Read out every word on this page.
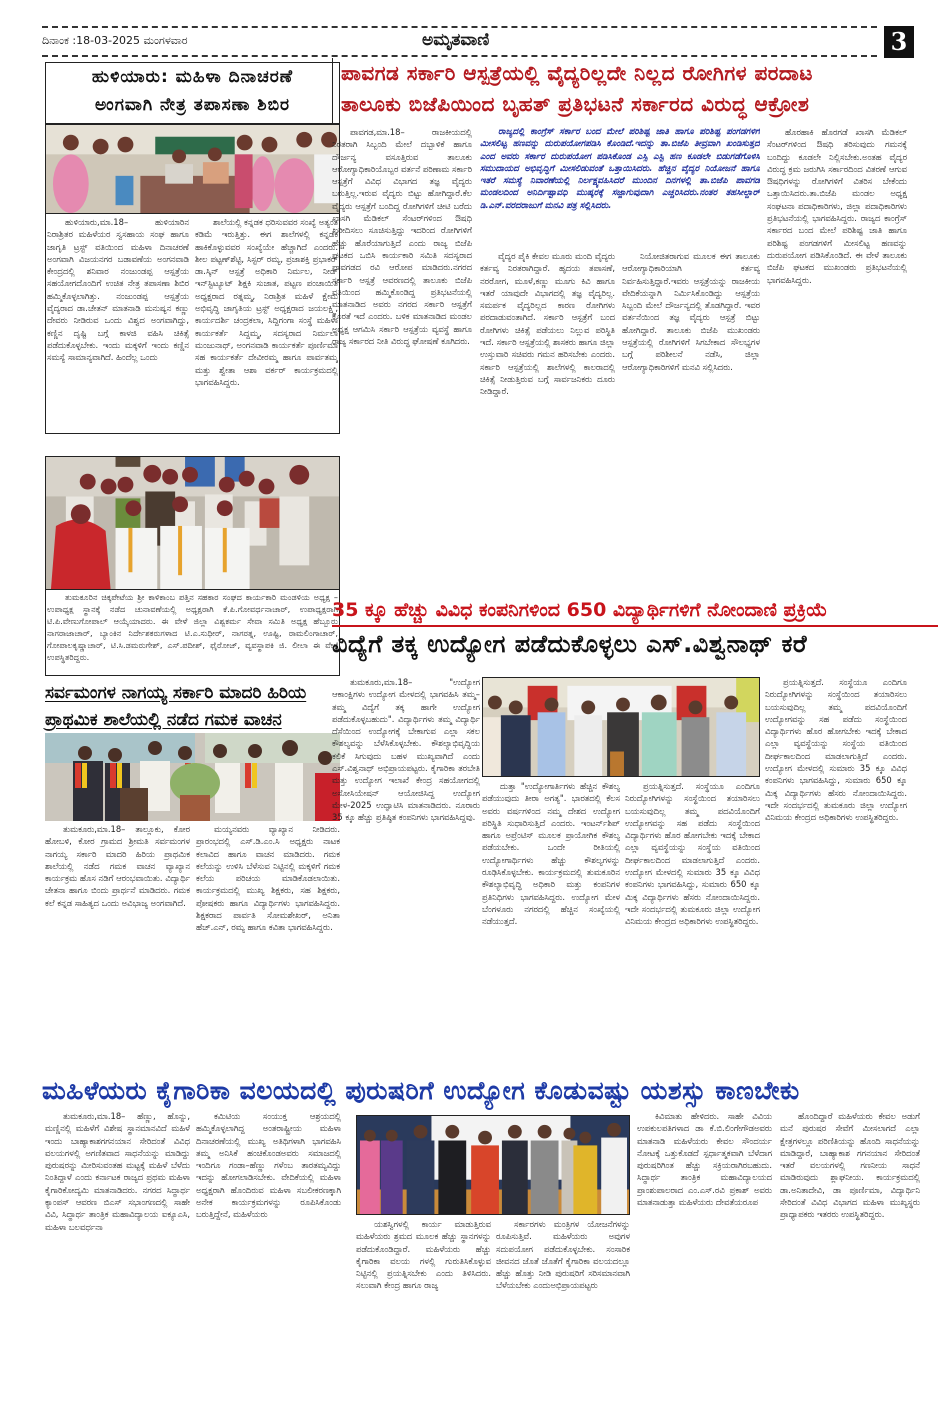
ದಿನಾಂಕ :18-03-2025 ಮಂಗಳವಾರ	ಅಮೃತವಾಣಿ	3
ಹುಳಿಯಾರು: ಮಹಿಳಾ ದಿನಾಚರಣೆ
ಅಂಗವಾಗಿ ನೇತ್ರ ತಪಾಸಣಾ ಶಿಬಿರ

ಹುಳಿಯಾರು,ಮಾ.18– ಹುಳಿಯಾರಿನ ನಿರಾಶ್ರಿತರ ಮಹಿಳೆಯರ ಸ್ವಸಹಾಯ ಸಂಘ ಹಾಗೂ ಜಾಗೃತಿ ಟ್ರಸ್ಟ್ ವತಿಯಿಂದ ಮಹಿಳಾ ದಿನಾಚರಣೆ ಅಂಗವಾಗಿ ವಿಜಯನಗರ ಬಡಾವಣೆಯ ಅಂಗನವಾಡಿ ಕೇಂದ್ರದಲ್ಲಿ ಶನಿವಾರ ನಂಜುಂಡಪ್ಪ ಆಸ್ಪತ್ರೆಯ ಸಹಯೋಗದೊಂದಿಗೆ ಉಚಿತ ನೇತ್ರ ತಪಾಸಣಾ ಶಿಬಿರ ಹಮ್ಮಿಕೊಳ್ಳಲಾಗಿತ್ತು. ನಂಜುಂಡಪ್ಪ ಆಸ್ಪತ್ರೆಯ ವೈದ್ಯರಾದ ಡಾ.ಚೇತನ್ ಮಾತನಾಡಿ ಮನುಷ್ಯನ ಕಣ್ಣು ದೇವರು ನೀಡಿರುವ ಒಂದು ವಿಶ್ವದ ಅಂಗವಾಗಿದ್ದು, ಕಣ್ಣಿನ ದೃಷ್ಟಿ ಬಗ್ಗೆ ಕಾಳಜಿ ವಹಿಸಿ ಚಿಕಿತ್ಸೆ ಪಡೆದುಕೊಳ್ಳಬೇಕು. ಇಂದು ಮಕ್ಕಳಿಗೆ ಇಂದು ಕಣ್ಣಿನ ಸಮಸ್ಯೆ ಸಾಮಾನ್ಯವಾಗಿದೆ. ಹಿಂದೆಲ್ಲ ಒಂದು

ಶಾಲೆಯಲ್ಲಿ ಕನ್ನಡಕ ಧರಿಸುವವರ ಸಂಖ್ಯೆ ಅತ್ಯಂತ ಕಡಿಮೆ ಇರುತ್ತಿತ್ತು. ಈಗ ಶಾಲೆಗಳಲ್ಲಿ ಕನ್ನಡಕ ಹಾಕಿಕೊಳ್ಳುವವರ ಸಂಖ್ಯೆಯೇ ಹೆಚ್ಚಾಗಿದೆ ಎಂದರು. ಶೀಲ ಪಟ್ಟಣ್‌ಶೆಟ್ಟಿ, ಸಿಸ್ಟರ್ ರಮ್ಯ, ಪ್ರಜಾಶಕ್ತಿ ಪ್ರಭಾಕರ್ ಡಾ.ಸ್ಕಿನ್ ಆಸ್ಪತ್ರೆ ಅಧಿಕಾರಿ ನಿರ್ಮಲ, ನೀಡ್ ಇನ್‌ಸ್ಟಿಟ್ಯೂಟ್ ಶಿಕ್ಷಕಿ ಸುಜಾತ, ಪಟ್ಟಣ ಪಂಚಾಯಿತಿ ಅಧ್ಯಕ್ಷರಾದ ರತ್ನಮ್ಮ, ನಿರಾಶ್ರಿತ ಮಹಿಳೆ ಕ್ಷೇಮ ಅಭಿವೃದ್ಧಿ ಜಾಗೃತಿಯ ಟ್ರಸ್ಟ್ ಅಧ್ಯಕ್ಷರಾದ ಜಯಲಕ್ಷ್ಮಿ, ಕಾರ್ಯದರ್ಶಿ ಚಂದ್ರಕಲಾ, ಸಿದ್ದಿಗಂಗಾ ಸಂಸ್ಥೆ ಮಹಿಳಾ ಕಾರ್ಯಕರ್ತೆ ಸಿದ್ದಮ್ಮ, ಸದಸ್ಯರಾದ ನಿರ್ಮಲಾ ಮಂಜುನಾಥ್, ಅಂಗನವಾಡಿ ಕಾರ್ಯಕರ್ತೆ ಪೂರ್ಣಿಮಾ ಸಹ ಕಾರ್ಯಕರ್ತೆ ದೇವೀರಮ್ಮ ಹಾಗೂ ಪಾರ್ವತಮ್ಮ ಮತ್ತು ಶ್ವೇತಾ ಆಶಾ ವರ್ಕರ್ ಕಾರ್ಯಕ್ರಮದಲ್ಲಿ ಭಾಗವಹಿಸಿದ್ದರು.

ತುಮಕೂರಿನ ಚಿಕ್ಕಪೇಟೆಯ ಶ್ರೀ ಕಾಳಿಕಾಂಬ ಪತ್ತಿನ ಸಹಕಾರ ಸಂಘದ ಕಾರ್ಯಕಾರಿ ಮಂಡಳಿಯ ಅಧ್ಯಕ್ಷ –ಉಪಾಧ್ಯಕ್ಷ ಸ್ಥಾನಕ್ಕೆ ನಡೆದ ಚುನಾವಣೆಯಲ್ಲಿ ಅಧ್ಯಕ್ಷರಾಗಿ ಕೆ.ಪಿ.ಗೋವರ್ಧನಾಚಾರ್, ಉಪಾಧ್ಯಕ್ಷರಾಗಿ ಟಿ.ಪಿ.ವೇಣುಗೋಪಾಲ್ ಆಯ್ಕೆಯಾದರು. ಈ ವೇಳೆ ಜಿಲ್ಲಾ ವಿಶ್ವಕರ್ಮ ಸೇವಾ ಸಮಿತಿ ಅಧ್ಯಕ್ಷ ಹೆಬ್ಬೂರು ನಾಗರಾಜಾಚಾರ್, ಬ್ಯಾಂಕಿನ ನಿರ್ದೇಶಕರುಗಳಾದ ಟಿ.ಎ.ಸುಧೀರ್, ನಾಗರತ್ನ, ಊಷ್ಟಿ, ರಾಮಲಿಂಗಾಚಾರ್, ಗೋಪಾಲಕೃಷ್ಣಾಚಾರ್, ಟಿ.ಸಿ.ಡಮರುಗೇಶ್, ಎಸ್.ಪದೀಶ್, ಫೈರೋಜ್, ವ್ಯವಸ್ಥಾಪಕಿ ಜಿ. ಲೀಲಾ ಈ ವೇಳೆ ಉಪಸ್ಥಿತರಿದ್ದರು.

ಸರ್ವಮಂಗಳ ನಾಗಯ್ಯ ಸರ್ಕಾರಿ ಮಾದರಿ ಹಿರಿಯ
ಪ್ರಾಥಮಿಕ ಶಾಲೆಯಲ್ಲಿ ನಡೆದ ಗಮಕ ವಾಚನ

ತುಮಕೂರು,ಮಾ.18– ತಾಲ್ಲೂಕು, ಕೋರ ಹೋಬಳಿ, ಕೋರ ಗ್ರಾಮದ ಶ್ರೀಮತಿ ಸರ್ವಮಂಗಳ ನಾಗಯ್ಯ ಸರ್ಕಾರಿ ಮಾದರಿ ಹಿರಿಯ ಪ್ರಾಥಮಿಕ ಶಾಲೆಯಲ್ಲಿ ನಡೆದ ಗಮಕ ವಾಚನ ವ್ಯಾಖ್ಯಾನ ಕಾರ್ಯಕ್ರಮ ಹೊಸ ನಡಿಗೆ ಆರಂಭವಾಯಿತು. ವಿದ್ಯಾರ್ಥಿ ಚೇತನಾ ಹಾಗೂ ಬಿಂದು ಪ್ರಾರ್ಥನೆ ಮಾಡಿದರು. ಗಮಕ ಕಲೆ ಕನ್ನಡ ಸಾಹಿತ್ಯದ ಒಂದು ಅವಿಭಾಜ್ಯ ಅಂಗವಾಗಿದೆ.

ಮಯ್ಯನವರು ವ್ಯಾಖ್ಯಾನ ನೀಡಿದರು. ಪ್ರಾರಂಭದಲ್ಲಿ ಎಸ್.ಡಿ.ಎಂ.ಸಿ ಅಧ್ಯಕ್ಷರು ನಾಟಕ ಕಲಾವಿದ ಹಾಗೂ ವಾಚನ ಮಾಡಿದರು. ಗಮಕ ಕಲೆಯನ್ನು ಉಳಿಸಿ ಬೆಳೆಸುವ ನಿಟ್ಟಿನಲ್ಲಿ ಮಕ್ಕಳಿಗೆ ಗಮಕ ಕಲೆಯ ಪರಿಚಯ ಮಾಡಿಕೊಡಲಾಯಿತು. ಕಾರ್ಯಕ್ರಮದಲ್ಲಿ ಮುಖ್ಯ ಶಿಕ್ಷಕರು, ಸಹ ಶಿಕ್ಷಕರು, ಪೋಷಕರು ಹಾಗೂ ವಿದ್ಯಾರ್ಥಿಗಳು ಭಾಗವಹಿಸಿದ್ದರು. ಶಿಕ್ಷಕರಾದ ಪಾರ್ವತಿ ಸೋಮಶೇಖರ್, ಅನಿತಾ ಹೆಚ್.ಎನ್, ರಮ್ಯ ಹಾಗೂ ಕವಿತಾ ಭಾಗವಹಿಸಿದ್ದರು.

ಪಾವಗಡ ಸರ್ಕಾರಿ ಆಸ್ಪತ್ರೆಯಲ್ಲಿ ವೈದ್ಯರಿಲ್ಲದೇ ನಿಲ್ಲದ ರೋಗಿಗಳ ಪರದಾಟ
ತಾಲೂಕು ಬಿಜೆಪಿಯಿಂದ ಬೃಹತ್ ಪ್ರತಿಭಟನೆ ಸರ್ಕಾರದ ವಿರುದ್ಧ ಆಕ್ರೋಶ

ಪಾವಗಡ,ಮಾ.18– ರಾಜಕೀಯದಲ್ಲಿ ನಿರತರಾಗಿ ಸಿಬ್ಬಂದಿ ಮೇಲೆ ದಬ್ಬಾಳಿಕೆ ಹಾಗೂ ದೌರ್ಜನ್ಯ ವಸೂತ್ತಿರುವ ತಾಲೂಕು ಆರೋಗ್ಯಾಧಿಕಾರಿಯೊಬ್ಬರ ವರ್ತನೆ ಪರಿಣಾಮ ಸರ್ಕಾರಿ ಆಸ್ಪತ್ರೆಗೆ ವಿವಿಧ ವಿಭಾಗದ ತಜ್ಞ ವೈದ್ಯರು ಬರುತ್ತಿಲ್ಲ.ಇರುವ ವೈದ್ಯರು ಬಿಟ್ಟು ಹೋಗಿದ್ದಾರೆ.ಕೆಲ ವೈದ್ಯರು ಆಸ್ಪತ್ರೆಗೆ ಬಂದಿದ್ದ ರೋಗಿಗಳಿಗೆ ಚೀಟಿ ಬರೆದು ಖಾಸಗಿ ಮೆಡಿಕಲ್ ಸೆಂಟರ್‌ಗಳಿಂದ ಔಷಧಿ ಖರೀದಿಸಲು ಸೂಚಿಸುತ್ತಿದ್ದು ಇದರಿಂದ ರೋಗಿಗಳಿಗೆ ಹೆಚ್ಚು ಹೊರೆಯಾಗುತ್ತಿದೆ ಎಂದು ರಾಜ್ಯ ಬಿಜೆಪಿ ಘಟಕದ ಒಬಿಸಿ ಕಾರ್ಯಕಾರಿ ಸಮಿತಿ ಸದಸ್ಯರಾದ ಪಾವಗಡದ ರವಿ ಆರೋಪ ಮಾಡಿದರು.ನಗರದ ಸರ್ಕಾರಿ ಆಸ್ಪತ್ರೆ ಆವರಣದಲ್ಲಿ ತಾಲೂಕು ಬಿಜೆಪಿ ವತಿಯಿಂದ ಹಮ್ಮಿಕೊಂಡಿದ್ದ ಪ್ರತಿಭಟನೆಯಲ್ಲಿ ಮಾತನಾಡಿದ ಅವರು ನಗರದ ಸರ್ಕಾರಿ ಆಸ್ಪತ್ರೆಗೆ ಕೊರತೆ ಇದೆ ಎಂದರು. ಬಳಿಕ ಮಾತನಾಡಿದ ಮಂಡಲ ಅಧ್ಯಕ್ಷ ಆಗಮಿಸಿ ಸರ್ಕಾರಿ ಆಸ್ಪತ್ರೆಯ ವ್ಯವಸ್ಥೆ ಹಾಗೂ ರಾಜ್ಯ ಸರ್ಕಾರದ ನೀತಿ ವಿರುದ್ಧ ಘೋಷಣೆ ಕೂಗಿದರು.

ರಾಜ್ಯದಲ್ಲಿ ಕಾಂಗ್ರೆಸ್ ಸರ್ಕಾರ ಬಂದ ಮೇಲೆ ಪರಿಶಿಷ್ಟ ಜಾತಿ ಹಾಗೂ ಪರಿಶಿಷ್ಟ ಪಂಗಡಗಳಿಗೆ ಮೀಸಲಿಟ್ಟ ಹಣವನ್ನು ದುರುಪಯೋಗಪಡಿಸಿ ಕೊಂಡಿದೆ.ಇದನ್ನು ತಾ.ಬಿಜೆಪಿ ತೀವ್ರವಾಗಿ ಖಂಡಿಸುತ್ತದೆ ಎಂದ ಅವರು ಸರ್ಕಾರ ದುರುಪಯೋಗ ಪಡಿಸಿಕೊಂಡ ಎಸ್ಸಿ ಎಸ್ಟಿ ಹಣ ಕೂಡಲೇ ಬಿಡುಗಡೆಗೊಳಿಸಿ ಸಮುದಾಯದ ಅಭಿವೃದ್ಧಿಗೆ ಮೀಸಲಿಡುವಂತೆ ಒತ್ತಾಯಿಸಿದರು. ಹೆಚ್ಚಿನ ವೈದ್ಯರ ನಿಯೋಜನೆ ಹಾಗೂ ಇತರೆ ಸಮಸ್ಯೆ ನಿವಾರಣೆಯಲ್ಲಿ ನಿರ್ಲಕ್ಷ್ಯವಹಿಸಿದರೆ ಮುಂದಿನ ದಿನಗಳಲ್ಲಿ ತಾ.ಬಿಜೆಪಿ ಪಾವಗಡ ಮಂಡಲದಿಂದ ಅನಿರ್ದಿಷ್ಟಾವಧಿ ಮುಷ್ಕರಕ್ಕೆ ಸಜ್ಜಾಗುವುದಾಗಿ ಎಚ್ಚರಿಸಿದರು.ನಂತರ ತಹಸೀಲ್ದಾರ್ ಡಿ.ಎನ್.ವರದರಾಜುಗೆ ಮನವಿ ಪತ್ರ ಸಲ್ಲಿಸಿದರು.

ವೈದ್ಯರ ಪೈಕಿ ಕೇವಲ ಮೂರು ಮಂದಿ ವೈದ್ಯರು ಕರ್ತವ್ಯ ನಿರತರಾಗಿದ್ದಾರೆ. ಹೃದಯ ತಪಾಸಣೆ, ನರರೋಗ, ಮೂಳೆ,ಕಣ್ಣು ಮೂಗು ಕಿವಿ ಹಾಗೂ ಇತರೆ ಯಾವುದೇ ವಿಭಾಗದಲ್ಲಿ ತಜ್ಞ ವೈದ್ಯರಿಲ್ಲ. ಸಮರ್ಪಕ ವೈದ್ಯರಿಲ್ಲದ ಕಾರಣ ರೋಗಿಗಳು ಪರದಾಡುವಂತಾಗಿದೆ. ಸರ್ಕಾರಿ ಆಸ್ಪತ್ರೆಗೆ ಬಂದ ರೋಗಿಗಳು ಚಿಕಿತ್ಸೆ ಪಡೆಯಲು ನಿಲ್ಲುವ ಪರಿಸ್ಥಿತಿ ಇದೆ. ಸರ್ಕಾರಿ ಆಸ್ಪತ್ರೆಯಲ್ಲಿ ಶಾಸಕರು ಹಾಗೂ ಜಿಲ್ಲಾ ಉಸ್ತುವಾರಿ ಸಚಿವರು ಗಮನ ಹರಿಸಬೇಕು ಎಂದರು. ಸರ್ಕಾರಿ ಆಸ್ಪತ್ರೆಯಲ್ಲಿ ಶಾಲೆಗಳಲ್ಲಿ ಕಾಲರಾದಲ್ಲಿ ಚಿಕಿತ್ಸೆ ನೀಡುತ್ತಿರುವ ಬಗ್ಗೆ ಸಾರ್ವಜನಿಕರು ದೂರು ನೀಡಿದ್ದಾರೆ.

ನಿಯೋಜಿತರಾಗುವ ಮೂಲಕ ಈಗ ತಾಲೂಕು ಆರೋಗ್ಯಾಧಿಕಾರಿಯಾಗಿ ಕರ್ತವ್ಯ ನಿರ್ವಹಿಸುತ್ತಿದ್ದಾರೆ.ಇವರು ಆಸ್ಪತ್ರೆಯನ್ನು ರಾಜಕೀಯ ವೇದಿಕೆಯನ್ನಾಗಿ ನಿರ್ಮಿಸಿಕೊಂಡಿದ್ದು ಆಸ್ಪತ್ರೆಯ ಸಿಬ್ಬಂದಿ ಮೇಲೆ ದೌರ್ಜನ್ಯದಲ್ಲಿ ತೊಡಗಿದ್ದಾರೆ. ಇವರ ವರ್ತನೆಯಿಂದ ತಜ್ಞ ವೈದ್ಯರು ಆಸ್ಪತ್ರೆ ಬಿಟ್ಟು ಹೋಗಿದ್ದಾರೆ. ತಾಲೂಕು ಬಿಜೆಪಿ ಮುಖಂಡರು ಆಸ್ಪತ್ರೆಯಲ್ಲಿ ರೋಗಿಗಳಿಗೆ ಸಿಗಬೇಕಾದ ಸೌಲಭ್ಯಗಳ ಬಗ್ಗೆ ಪರಿಶೀಲನೆ ನಡೆಸಿ, ಜಿಲ್ಲಾ ಆರೋಗ್ಯಾಧಿಕಾರಿಗಳಿಗೆ ಮನವಿ ಸಲ್ಲಿಸಿದರು.

ಹೊರಹಾಕಿ ಹೊರಗಡೆ ಖಾಸಗಿ ಮೆಡಿಕಲ್ ಸೆಂಟರ್‌ಗಳಿಂದ ಔಷಧಿ ತರಿಸುವುದು ಗಮನಕ್ಕೆ ಬಂದಿದ್ದು ಕೂಡಲೇ ನಿಲ್ಲಿಸಬೇಕು.ಅಂತಹ ವೈದ್ಯರ ವಿರುದ್ಧ ಕ್ರಮ ಜರುಗಿಸಿ ಸರ್ಕಾರದಿಂದ ವಿತರಣೆ ಆಗುವ ಔಷಧಿಗಳನ್ನು ರೋಗಿಗಳಿಗೆ ವಿತರಿಸ ಬೇಕೆಂದು ಒತ್ತಾಯಿಸಿದರು.ತಾ.ಬಿಜೆಪಿ ಮಂಡಲ ಅಧ್ಯಕ್ಷ ಸಂಘಟನಾ ಪದಾಧಿಕಾರಿಗಳು, ಜಿಲ್ಲಾ ಪದಾಧಿಕಾರಿಗಳು ಪ್ರತಿಭಟನೆಯಲ್ಲಿ ಭಾಗವಹಿಸಿದ್ದರು. ರಾಜ್ಯದ ಕಾಂಗ್ರೆಸ್ ಸರ್ಕಾರದ ಬಂದ ಮೇಲೆ ಪರಿಶಿಷ್ಟ ಜಾತಿ ಹಾಗೂ ಪರಿಶಿಷ್ಟ ಪಂಗಡಗಳಿಗೆ ಮೀಸಲಿಟ್ಟ ಹಣವನ್ನು ದುರುಪಯೋಗ ಪಡಿಸಿಕೊಂಡಿದೆ. ಈ ವೇಳೆ ತಾಲೂಕು ಬಿಜೆಪಿ ಘಟಕದ ಮುಖಂಡರು ಪ್ರತಿಭಟನೆಯಲ್ಲಿ ಭಾಗವಹಿಸಿದ್ದರು.

35 ಕ್ಕೂ ಹೆಚ್ಚು ವಿವಿಧ ಕಂಪನಿಗಳಿಂದ 650 ವಿದ್ಯಾರ್ಥಿಗಳಿಗೆ ನೋಂದಾಣಿ ಪ್ರಕ್ರಿಯೆ
ವಿದ್ಯೆಗೆ ತಕ್ಕ ಉದ್ಯೋಗ ಪಡೆದುಕೊಳ್ಳಲು ಎಸ್.ವಿಶ್ವನಾಥ್ ಕರೆ

ತುಮಕೂರು,ಮಾ.18– "ಉದ್ಯೋಗ ಆಕಾಂಕ್ಷಿಗಳು ಉದ್ಯೋಗ ಮೇಳದಲ್ಲಿ ಭಾಗವಹಿಸಿ ತಮ್ಮ–ತಮ್ಮ ವಿದ್ಯೆಗೆ ತಕ್ಕ ಹಾಗೇ ಉದ್ಯೋಗ ಪಡೆದುಕೊಳ್ಳಬಹುದು". ವಿದ್ಯಾರ್ಥಿಗಳು ತಮ್ಮ ವಿದ್ಯಾರ್ಥಿ ದೆಸೆಯಿಂದ ಉದ್ಯೋಗಕ್ಕೆ ಬೇಕಾಗುವ ಎಲ್ಲಾ ಸಕಲ ಕೌಶಲ್ಯವನ್ನು ಬೆಳೆಸಿಕೊಳ್ಳಬೇಕು. ಕೌಶಲ್ಯಾಭಿವೃದ್ಧಿಯ ಕಲಿಕೆ ಸಿಗುವುದು ಬಹಳ ಮುಖ್ಯವಾಗಿದೆ ಎಂದು ಎಸ್.ವಿಶ್ವನಾಥ್ ಅಭಿಪ್ರಾಯಪಟ್ಟರು. ಕೈಗಾರಿಕಾ ತರಬೇತಿ ಮತ್ತು ಉದ್ಯೋಗ ಇಲಾಖೆ ಕೇಂದ್ರ ಸಹಯೋಗದಲ್ಲಿ ಅಸೋಸಿಯೇಷನ್ ಆಯೋಜಿಸಿದ್ದ ಉದ್ಯೋಗ ಮೇಳ-2025 ಉದ್ಘಾಟಿಸಿ ಮಾತನಾಡಿದರು. ನೂರಾರು 35 ಕ್ಕೂ ಹೆಚ್ಚು ಪ್ರತಿಷ್ಠಿತ ಕಂಪನಿಗಳು ಭಾಗವಹಿಸಿದ್ದವು.

ದುತ್ತಾ "ಉದ್ಯೋಗಾರ್ತಿಗಳು ಹೆಚ್ಚಿನ ಕೌಶಲ್ಯ ಪಡೆಯುವುದು ತೀರಾ ಅಗತ್ಯ". ಭಾರತದಲ್ಲಿ ಕೆಲಸ ಅವರು ವರ್ಷಗಳಿಂದ ನಮ್ಮ ದೇಶದ ಉದ್ಯೋಗ ಪರಿಸ್ಥಿತಿ ಸುಧಾರಿಸುತ್ತಿದೆ ಎಂದರು. ಇಂಟರ್ನ್‌ಶಿಪ್ ಹಾಗೂ ಅಪ್ರೆಂಟಿಸ್ ಮೂಲಕ ಪ್ರಾಯೋಗಿಕ ಕೌಶಲ್ಯ ಪಡೆಯಬೇಕು. ಒಂದೇ ರೀತಿಯಲ್ಲಿ ಉದ್ಯೋಗಾರ್ಥಿಗಳು ಹೆಚ್ಚು ಕೌಶಲ್ಯಗಳನ್ನು ರೂಢಿಸಿಕೊಳ್ಳಬೇಕು. ಕಾರ್ಯಕ್ರಮದಲ್ಲಿ ತುಮಕೂರಿನ ಕೌಶಲ್ಯಾಭಿವೃದ್ಧಿ ಅಧಿಕಾರಿ ಮತ್ತು ಕಂಪನಿಗಳ ಪ್ರತಿನಿಧಿಗಳು ಭಾಗವಹಿಸಿದ್ದರು. ಉದ್ಯೋಗ ಮೇಳ ಬೆಂಗಳೂರು ನಗರದಲ್ಲಿ ಹೆಚ್ಚಿನ ಸಂಖ್ಯೆಯಲ್ಲಿ ನಡೆಯುತ್ತದೆ.

ಪ್ರಯತ್ನಿಸುತ್ತದೆ. ಸಂಸ್ಥೆಯೂ ಎಂದಿಗೂ ನಿರುದ್ಯೋಗಿಗಳನ್ನು ಸಂಸ್ಥೆಯಿಂದ ತಯಾರಿಸಲು ಬಯಸುವುದಿಲ್ಲ ತಮ್ಮ ಪದವಿಯೊಂದಿಗೆ ಉದ್ಯೋಗವನ್ನು ಸಹ ಪಡೆದು ಸಂಸ್ಥೆಯಿಂದ ವಿದ್ಯಾರ್ಥಿಗಳು ಹೊರ ಹೋಗಬೇಕು ಇದಕ್ಕೆ ಬೇಕಾದ ಎಲ್ಲಾ ವ್ಯವಸ್ಥೆಯನ್ನು ಸಂಸ್ಥೆಯ ವತಿಯಿಂದ ದೀರ್ಘಕಾಲದಿಂದ ಮಾಡಲಾಗುತ್ತಿದೆ ಎಂದರು. ಉದ್ಯೋಗ ಮೇಳದಲ್ಲಿ ಸುಮಾರು 35 ಕ್ಕೂ ವಿವಿಧ ಕಂಪನಿಗಳು ಭಾಗವಹಿಸಿದ್ದು, ಸುಮಾರು 650 ಕ್ಕೂ ಮಿಕ್ಕ ವಿದ್ಯಾರ್ಥಿಗಳು ಹೆಸರು ನೋಂದಾಯಿಸಿದ್ದರು. ಇದೇ ಸಂದರ್ಭದಲ್ಲಿ ತುಮಕೂರು ಜಿಲ್ಲಾ ಉದ್ಯೋಗ ವಿನಿಮಯ ಕೇಂದ್ರದ ಅಧಿಕಾರಿಗಳು ಉಪಸ್ಥಿತರಿದ್ದರು.

ಪ್ರಯತ್ನಿಸುತ್ತದೆ. ಸಂಸ್ಥೆಯೂ ಎಂದಿಗೂ ನಿರುದ್ಯೋಗಿಗಳನ್ನು ಸಂಸ್ಥೆಯಿಂದ ತಯಾರಿಸಲು ಬಯಸುವುದಿಲ್ಲ ತಮ್ಮ ಪದವಿಯೊಂದಿಗೆ ಉದ್ಯೋಗವನ್ನು ಸಹ ಪಡೆದು ಸಂಸ್ಥೆಯಿಂದ ವಿದ್ಯಾರ್ಥಿಗಳು ಹೊರ ಹೋಗಬೇಕು ಇದಕ್ಕೆ ಬೇಕಾದ ಎಲ್ಲಾ ವ್ಯವಸ್ಥೆಯನ್ನು ಸಂಸ್ಥೆಯ ವತಿಯಿಂದ ದೀರ್ಘಕಾಲದಿಂದ ಮಾಡಲಾಗುತ್ತಿದೆ ಎಂದರು. ಉದ್ಯೋಗ ಮೇಳದಲ್ಲಿ ಸುಮಾರು 35 ಕ್ಕೂ ವಿವಿಧ ಕಂಪನಿಗಳು ಭಾಗವಹಿಸಿದ್ದು, ಸುಮಾರು 650 ಕ್ಕೂ ಮಿಕ್ಕ ವಿದ್ಯಾರ್ಥಿಗಳು ಹೆಸರು ನೋಂದಾಯಿಸಿದ್ದರು. ಇದೇ ಸಂದರ್ಭದಲ್ಲಿ ತುಮಕೂರು ಜಿಲ್ಲಾ ಉದ್ಯೋಗ ವಿನಿಮಯ ಕೇಂದ್ರದ ಅಧಿಕಾರಿಗಳು ಉಪಸ್ಥಿತರಿದ್ದರು.

ಮಹಿಳೆಯರು ಕೈಗಾರಿಕಾ ವಲಯದಲ್ಲಿ ಪುರುಷರಿಗೆ ಉದ್ಯೋಗ ಕೊಡುವಷ್ಟು ಯಶಸ್ಸು ಕಾಣಬೇಕು

ತುಮಕೂರು,ಮಾ.18– ಹೆಣ್ಣು, ಹೊನ್ನು, ಮಣ್ಣಿನಲ್ಲಿ ಮಹಿಳೆಗೆ ವಿಶೇಷ ಸ್ಥಾನಮಾನವಿದೆ ಮಹಿಳೆ ಇಂದು ಬಾಹ್ಯಾಕಾಶಗಗನಯಾನ ಸೇರಿದಂತೆ ವಿವಿಧ ವಲಯಗಳಲ್ಲಿ ಅಗಣಿತವಾದ ಸಾಧನೆಯನ್ನು ಮಾಡಿದ್ದು ಪುರುಷರನ್ನು ಮೀರಿಸುವಂತಹ ಮಟ್ಟಕ್ಕೆ ಮಹಿಳೆ ಬೆಳೆದು ನಿಂತಿದ್ದಾಳೆ ಎಂದು ಕರ್ನಾಟಕ ರಾಜ್ಯದ ಪ್ರಥಮ ಮಹಿಳಾ ಕೈಗಾರಿಕೋದ್ಯಮಿ ಮಾತನಾಡಿದರು. ನಗರದ ಸಿದ್ಧಾರ್ಥ ಕ್ಯಾಂಪಸ್ ಆವರಣ ಬಿಎಸ್ ಸಭಾಂಗಣದಲ್ಲಿ ಸಾಹೇ ವಿವಿ, ಸಿದ್ಧಾರ್ಥ ತಾಂತ್ರಿಕ ಮಹಾವಿದ್ಯಾಲಯ ಐಕ್ಯೂಎಸಿ, ಮಹಿಳಾ ಬಲವರ್ಧನಾ

ಕಮಿಟಿಯ ಸಂಯುಕ್ತ ಆಶ್ರಯದಲ್ಲಿ ಹಮ್ಮಿಕೊಳ್ಳಲಾಗಿದ್ದ ಅಂತರಾಷ್ಟ್ರೀಯ ಮಹಿಳಾ ದಿನಾಚರಣೆಯಲ್ಲಿ ಮುಖ್ಯ ಅತಿಥಿಗಳಾಗಿ ಭಾಗವಹಿಸಿ ತಮ್ಮ ಅನಿಸಿಕೆ ಹಂಚಿಕೊಂಡಅವರು ಸಮಾಜದಲ್ಲಿ ಇಂದಿಗೂ ಗಂಡಾ–ಹೆಣ್ಣು ಗಳೆಂಬ ತಾರತಮ್ಯವಿದ್ದು ಇದನ್ನು ಹೋಗಲಾಡಿಸಬೇಕು. ವೇದಿಕೆಯಲ್ಲಿ ಮಹಿಳಾ ಅಧ್ಯಕ್ಷರಾಗಿ ಹೊಂದಿರುವ ಮಹಿಳಾ ಸಬಲೀಕರಣಕ್ಕಾಗಿ ಅನೇಕ ಕಾರ್ಯಕ್ರಮಗಳನ್ನು ರೂಪಿಸಿಕೊಂಡು ಬರುತ್ತಿದ್ದೇನೆ, ಮಹಿಳೆಯರು

ಯಶಸ್ವಿಗಳಲ್ಲಿ ಕಾರ್ಯ ಮಾಡುತ್ತಿರುವ ಮಹಿಳೆಯರು ಶ್ರಮದ ಮೂಲಕ ಹೆಚ್ಚು ಸ್ಥಾನಗಳನ್ನು ಪಡೆದುಕೊಂಡಿದ್ದಾರೆ. ಮಹಿಳೆಯರು ಹೆಚ್ಚು ಕೈಗಾರಿಕಾ ವಲಯ ಗಳಲ್ಲಿ ಗುರುತಿಸಿಕೊಳ್ಳುವ ನಿಟ್ಟಿನಲ್ಲಿ ಪ್ರಯತ್ನಿಸಬೇಕು ಎಂದು ತಿಳಿಸಿದರು. ಸಲುವಾಗಿ ಕೇಂದ್ರ ಹಾಗೂ ರಾಜ್ಯ

ಸರ್ಕಾರಗಳು ಮಂತ್ರಿಗಳ ಯೋಜನೆಗಳನ್ನು ರೂಪಿಸುತ್ತಿವೆ. ಮಹಿಳೆಯರು ಅವುಗಳ ಸದುಪಯೋಗ ಪಡೆದುಕೊಳ್ಳಬೇಕು. ಸಂಸಾರಿಕ ಜೀವನದ ಜೊತೆ ಜೊತೆಗೆ ಕೈಗಾರಿಕಾ ವಲಯದಲ್ಲೂ ಹೆಚ್ಚು ಹೊತ್ತು ನೀಡಿ ಪುರುಷರಿಗೆ ಸರಿಸಮಾನವಾಗಿ ಬೆಳೆಯಬೇಕು ಎಂದುಅಭಿಪ್ರಾಯಪಟ್ಟರು

ಕಿವಿಮಾತು ಹೇಳಿದರು. ಸಾಹೇ ವಿವಿಯ ಉಪಕುಲಪತಿಗಳಾದ ಡಾ ಕೆ.ಬಿ.ಲಿಂಗೇಗೌಡಅವರು ಮಾತನಾಡಿ ಮಹಿಳೆಯರು ಕೇವಲ ಸೌಂದರ್ಯ ನೋಟಕ್ಕೆ ಒತ್ತುಕೊಡದೆ ಸ್ಪರ್ಧಾತ್ಮಕವಾಗಿ ಬೆಳೆದಾಗ ಪುರುಷರಿಗಿಂತ ಹೆಚ್ಚು ಸಕ್ರಿಯರಾಗಿರಬಹುದು. ಸಿದ್ಧಾರ್ಥ ತಾಂತ್ರಿಕ ಮಹಾವಿದ್ಯಾಲಯದ ಪ್ರಾಂಶುಪಾಲರಾದ ಎಂ.ಎಸ್.ರವಿ ಪ್ರಕಾಶ್ ಅವರು ಮಾತನಾಡುತ್ತಾ ಮಹಿಳೆಯರು ದೇವತೆಯರೂಪ

ಹೊಂದಿದ್ದಾರೆ ಮಹಿಳೆಯರು ಕೇವಲ ಅಡುಗೆ ಮನೆ ಪುರುಷರ ಸೇವೆಗೆ ಮೀಸಲಾಗದೆ ಎಲ್ಲಾ ಕ್ಷೇತ್ರಗಳಲ್ಲೂ ಪರಿಣಿತಿಯನ್ನು ಹೊಂದಿ ಸಾಧನೆಯನ್ನು ಮಾಡಿದ್ದಾರೆ, ಬಾಹ್ಯಾಕಾಶ ಗಗನಯಾನ ಸೇರಿದಂತೆ ಇತರೆ ವಲಯಗಳಲ್ಲಿ ಗಣನೀಯ ಸಾಧನೆ ಮಾಡಿರುವುದು ಶ್ಲಾಘನೀಯ. ಕಾರ್ಯಕ್ರಮದಲ್ಲಿ ಡಾ.ಅನಿತಾದೇವಿ, ಡಾ ಪೂರ್ಣಿಮಾ, ವಿದ್ಯಾರ್ಥಿನಿ ಸೇರಿದಂತೆ ವಿವಿಧ ವಿಭಾಗದ ಮಹಿಳಾ ಮುಖ್ಯಸ್ಥರು ಪ್ರಾಧ್ಯಾಪಕರು ಇತರರು ಉಪಸ್ಥಿತರಿದ್ದರು.
